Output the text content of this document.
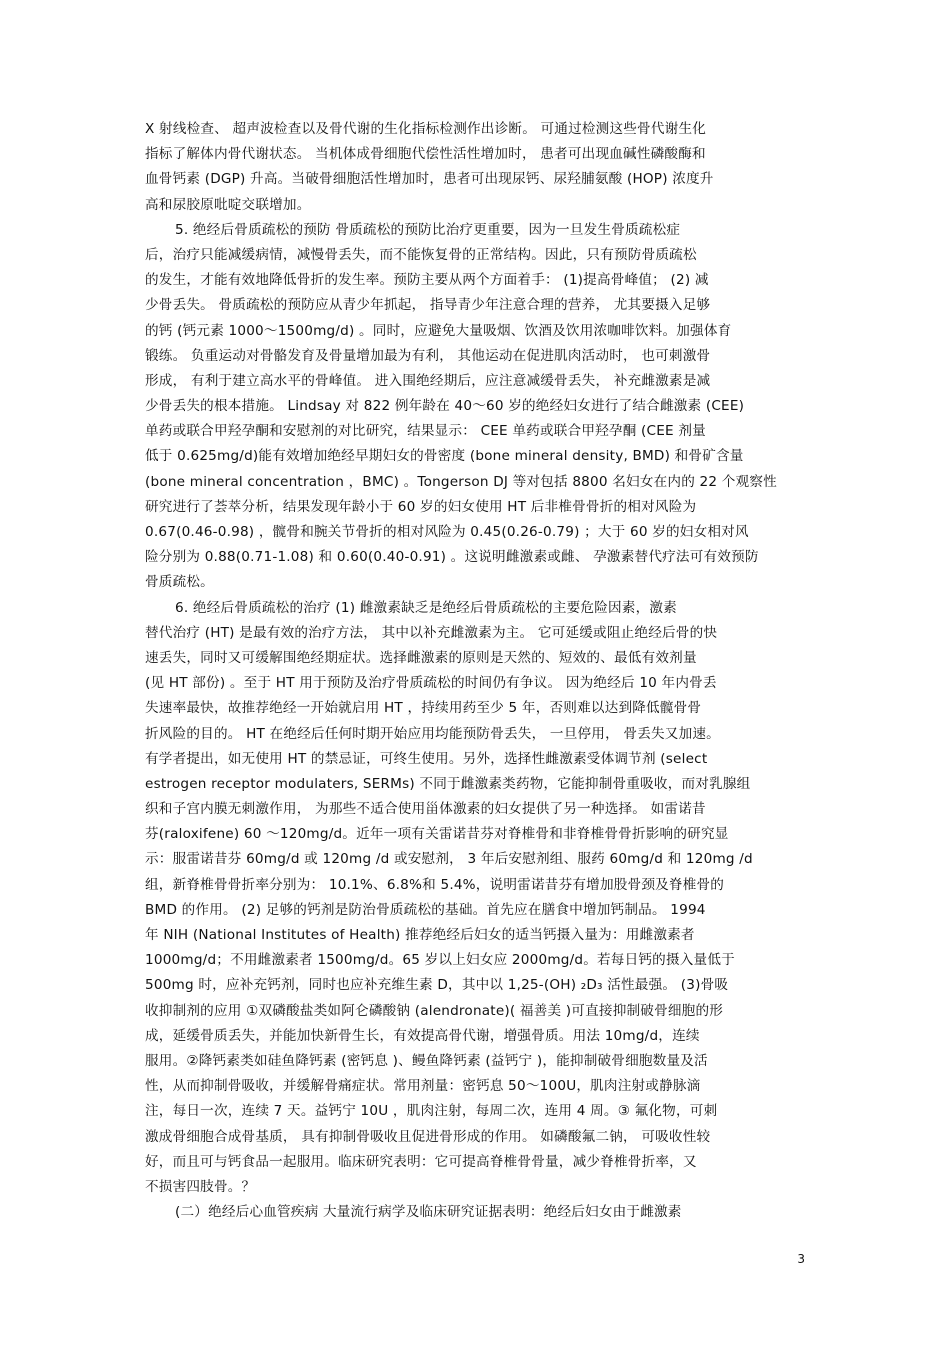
X 射线检查、 超声波检查以及骨代谢的生化指标检测作出诊断。 可通过检测这些骨代谢生化
指标了解体内骨代谢状态。 当机体成骨细胞代偿性活性增加时， 患者可出现血碱性磷酸酶和
血骨钙素 (DGP) 升高。当破骨细胞活性增加时，患者可出现尿钙、尿羟脯氨酸 (HOP) 浓度升
高和尿胶原吡啶交联增加。
5. 绝经后骨质疏松的预防 骨质疏松的预防比治疗更重要，因为一旦发生骨质疏松症
后，治疗只能减缓病情，减慢骨丢失，而不能恢复骨的正常结构。因此，只有预防骨质疏松
的发生，才能有效地降低骨折的发生率。预防主要从两个方面着手： (1)提高骨峰值； (2) 减
少骨丢失。 骨质疏松的预防应从青少年抓起， 指导青少年注意合理的营养， 尤其要摄入足够
的钙 (钙元素 1000～1500mg/d) 。同时，应避免大量吸烟、饮酒及饮用浓咖啡饮料。加强体育
锻练。 负重运动对骨骼发育及骨量增加最为有利， 其他运动在促进肌肉活动时， 也可刺激骨
形成， 有利于建立高水平的骨峰值。 进入围绝经期后，应注意减缓骨丢失， 补充雌激素是减
少骨丢失的根本措施。 Lindsay 对 822 例年龄在 40～60 岁的绝经妇女进行了结合雌激素 (CEE)
单药或联合甲羟孕酮和安慰剂的对比研究，结果显示： CEE 单药或联合甲羟孕酮 (CEE 剂量
低于 0.625mg/d)能有效增加绝经早期妇女的骨密度 (bone mineral density, BMD) 和骨矿含量
(bone mineral concentration ，BMC) 。Tongerson DJ 等对包括 8800 名妇女在内的 22 个观察性
研究进行了荟萃分析，结果发现年龄小于 60 岁的妇女使用 HT 后非椎骨骨折的相对风险为
0.67(0.46-0.98) ，髋骨和腕关节骨折的相对风险为 0.45(0.26-0.79) ；大于 60 岁的妇女相对风
险分别为 0.88(0.71-1.08) 和 0.60(0.40-0.91) 。这说明雌激素或雌、 孕激素替代疗法可有效预防
骨质疏松。
6. 绝经后骨质疏松的治疗 (1) 雌激素缺乏是绝经后骨质疏松的主要危险因素，激素
替代治疗 (HT) 是最有效的治疗方法， 其中以补充雌激素为主。 它可延缓或阻止绝经后骨的快
速丢失，同时又可缓解围绝经期症状。选择雌激素的原则是天然的、短效的、最低有效剂量
(见 HT 部份) 。至于 HT 用于预防及治疗骨质疏松的时间仍有争议。 因为绝经后 10 年内骨丢
失速率最快，故推荐绝经一开始就启用 HT ，持续用药至少 5 年，否则难以达到降低髋骨骨
折风险的目的。 HT 在绝经后任何时期开始应用均能预防骨丢失， 一旦停用， 骨丢失又加速。
有学者提出，如无使用 HT 的禁忌证，可终生使用。另外，选择性雌激素受体调节剂 (select
estrogen receptor modulaters, SERMs) 不同于雌激素类药物，它能抑制骨重吸收，而对乳腺组
织和子宫内膜无刺激作用， 为那些不适合使用甾体激素的妇女提供了另一种选择。 如雷诺昔
芬(raloxifene) 60 ～120mg/d。近年一项有关雷诺昔芬对脊椎骨和非脊椎骨骨折影响的研究显
示：服雷诺昔芬 60mg/d 或 120mg /d 或安慰剂， 3 年后安慰剂组、服药 60mg/d 和 120mg /d
组，新脊椎骨骨折率分别为： 10.1%、6.8%和 5.4%，说明雷诺昔芬有增加股骨颈及脊椎骨的
BMD 的作用。 (2) 足够的钙剂是防治骨质疏松的基础。首先应在膳食中增加钙制品。 1994
年 NIH (National Institutes of Health) 推荐绝经后妇女的适当钙摄入量为：用雌激素者
1000mg/d；不用雌激素者 1500mg/d。65 岁以上妇女应 2000mg/d。若每日钙的摄入量低于
500mg 时，应补充钙剂，同时也应补充维生素 D，其中以 1,25-(OH) ₂D₃ 活性最强。 (3)骨吸
收抑制剂的应用 ①双磷酸盐类如阿仑磷酸钠 (alendronate)( 福善美 )可直接抑制破骨细胞的形
成，延缓骨质丢失，并能加快新骨生长，有效提高骨代谢，增强骨质。用法 10mg/d，连续
服用。②降钙素类如硅鱼降钙素 (密钙息 )、鳗鱼降钙素 (益钙宁 )，能抑制破骨细胞数量及活
性，从而抑制骨吸收，并缓解骨痛症状。常用剂量：密钙息 50～100U，肌肉注射或静脉滴
注，每日一次，连续 7 天。益钙宁 10U ，肌肉注射，每周二次，连用 4 周。③ 氟化物，可刺
激成骨细胞合成骨基质， 具有抑制骨吸收且促进骨形成的作用。 如磷酸氟二钠， 可吸收性较
好，而且可与钙食品一起服用。临床研究表明：它可提高脊椎骨骨量，减少脊椎骨折率，又
不损害四肢骨。？
(二）绝经后心血管疾病 大量流行病学及临床研究证据表明：绝经后妇女由于雌激素
3
